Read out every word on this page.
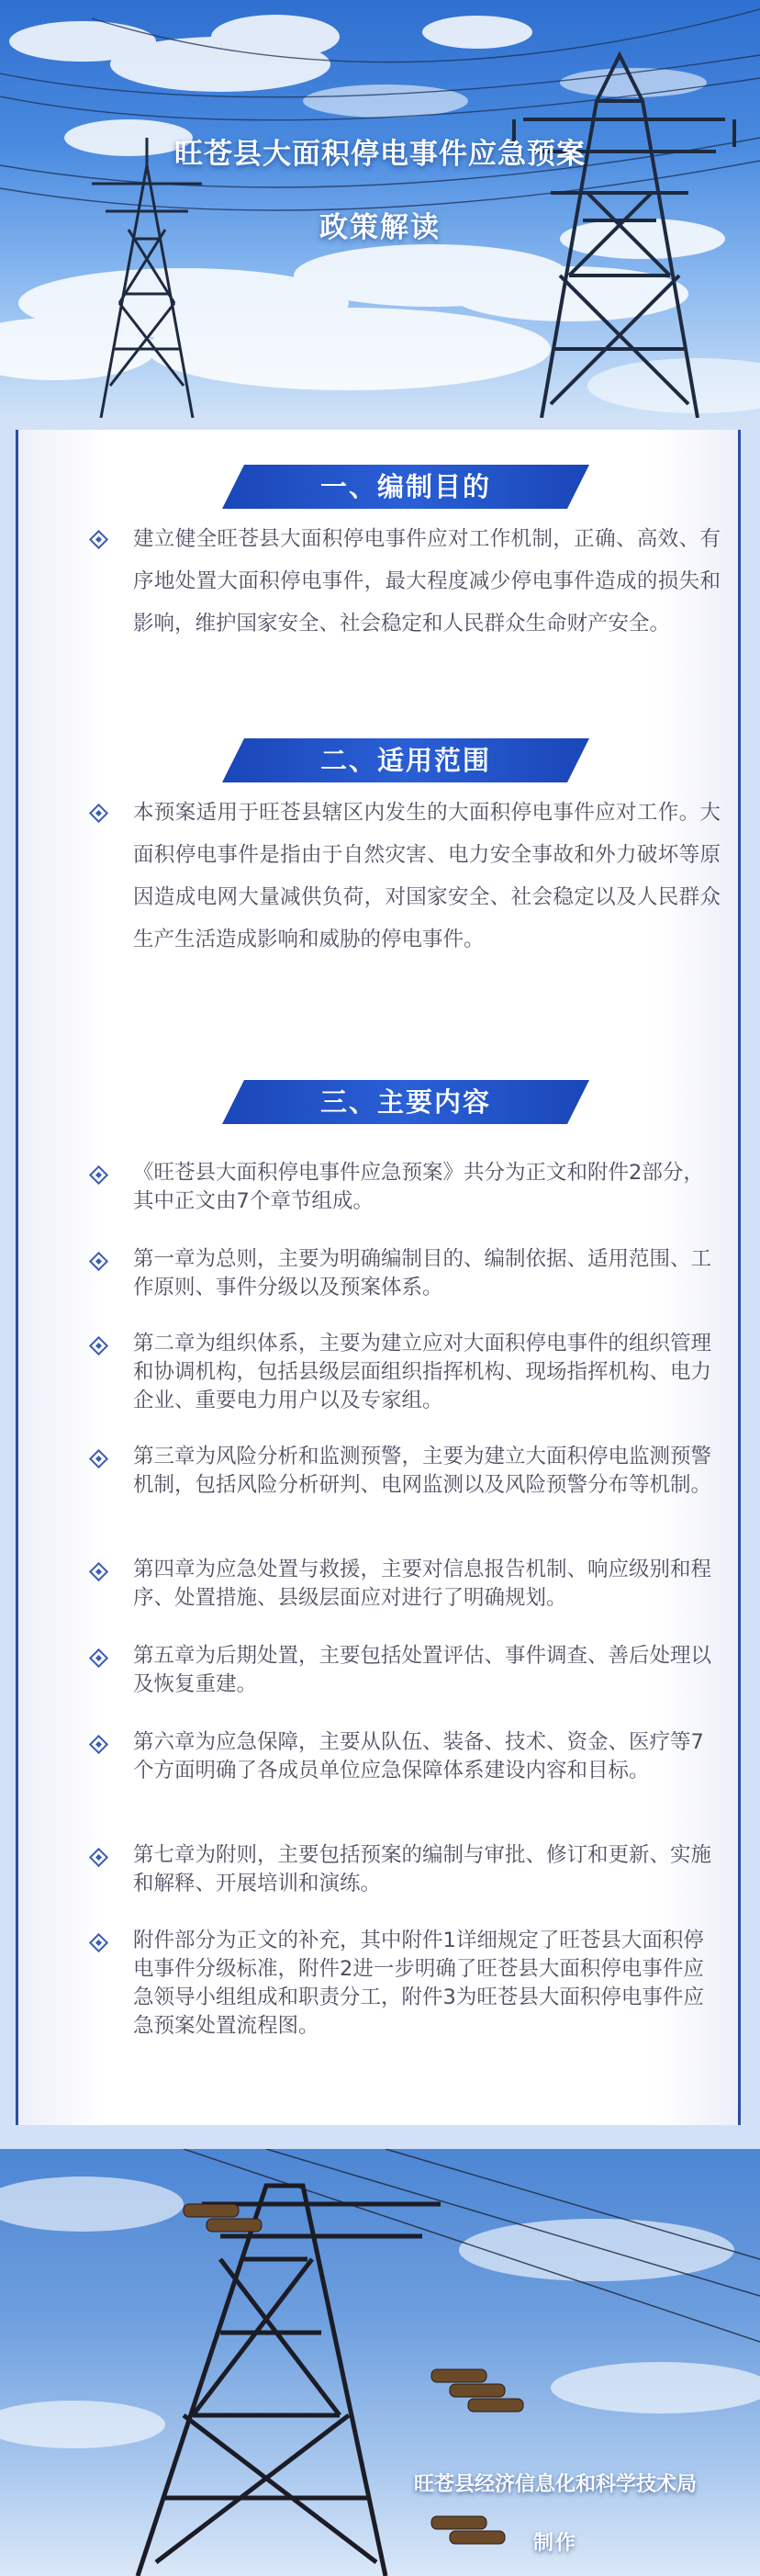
旺苍县大面积停电事件应急预案
政策解读
一、编制目的
建立健全旺苍县大面积停电事件应对工作机制，正确、高效、有序地处置大面积停电事件，最大程度减少停电事件造成的损失和影响，维护国家安全、社会稳定和人民群众生命财产安全。
二、适用范围
本预案适用于旺苍县辖区内发生的大面积停电事件应对工作。大面积停电事件是指由于自然灾害、电力安全事故和外力破坏等原因造成电网大量减供负荷，对国家安全、社会稳定以及人民群众生产生活造成影响和威胁的停电事件。
三、主要内容
《旺苍县大面积停电事件应急预案》共分为正文和附件2部分，其中正文由7个章节组成。
第一章为总则，主要为明确编制目的、编制依据、适用范围、工作原则、事件分级以及预案体系。
第二章为组织体系，主要为建立应对大面积停电事件的组织管理和协调机构，包括县级层面组织指挥机构、现场指挥机构、电力企业、重要电力用户以及专家组。
第三章为风险分析和监测预警，主要为建立大面积停电监测预警机制，包括风险分析研判、电网监测以及风险预警分布等机制。
第四章为应急处置与救援，主要对信息报告机制、响应级别和程序、处置措施、县级层面应对进行了明确规划。
第五章为后期处置，主要包括处置评估、事件调查、善后处理以及恢复重建。
第六章为应急保障，主要从队伍、装备、技术、资金、医疗等7个方面明确了各成员单位应急保障体系建设内容和目标。
第七章为附则，主要包括预案的编制与审批、修订和更新、实施和解释、开展培训和演练。
附件部分为正文的补充，其中附件1详细规定了旺苍县大面积停电事件分级标准，附件2进一步明确了旺苍县大面积停电事件应急领导小组组成和职责分工，附件3为旺苍县大面积停电事件应急预案处置流程图。
旺苍县经济信息化和科学技术局
制作
